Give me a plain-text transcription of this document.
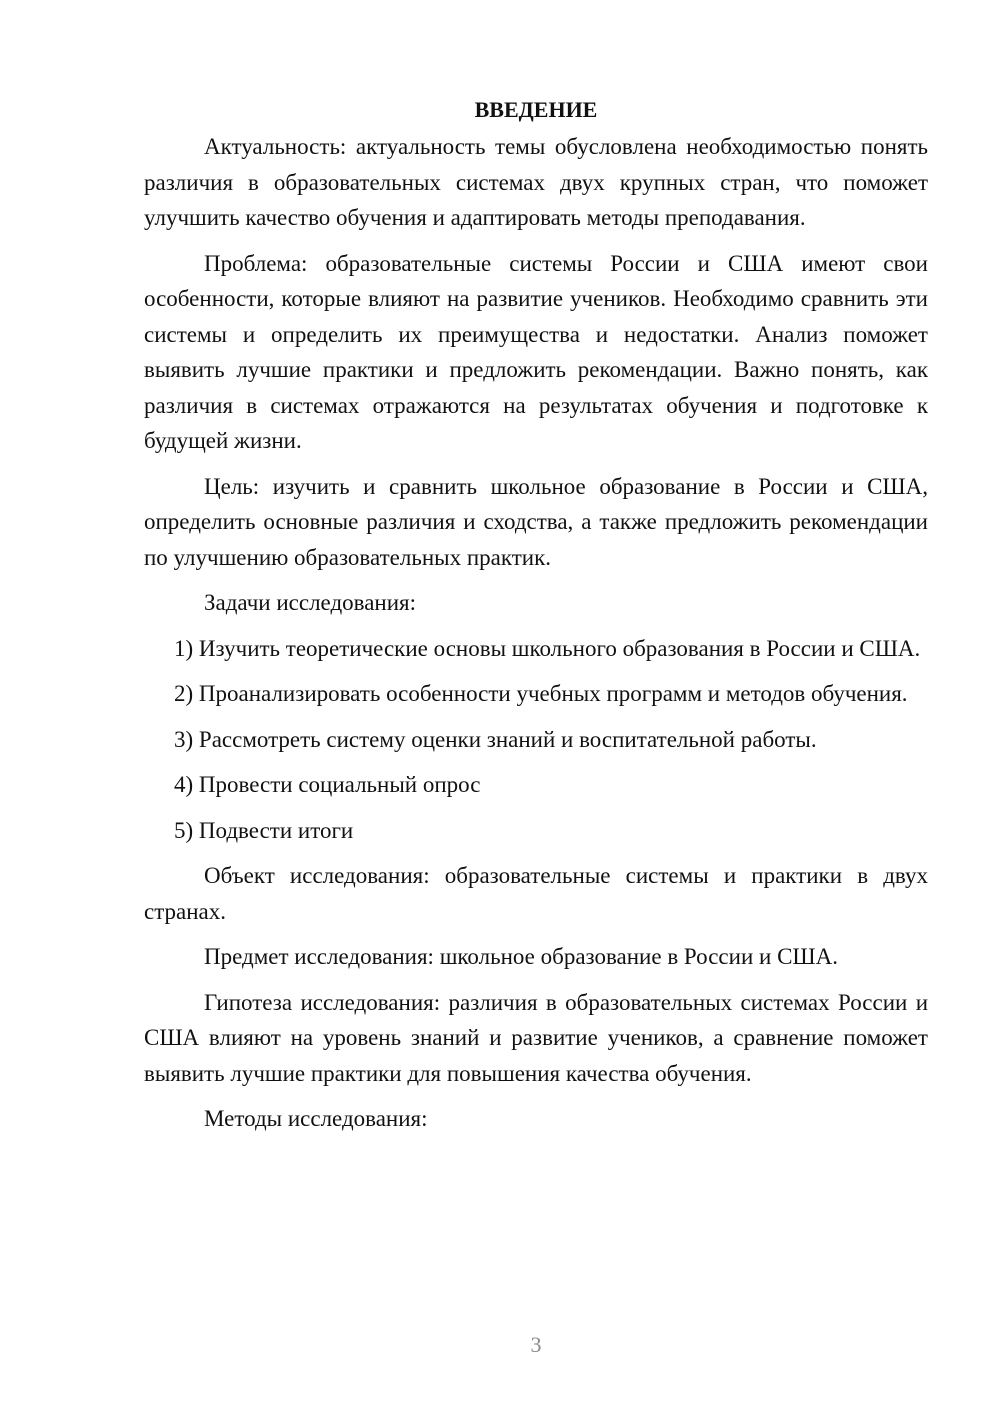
ВВЕДЕНИЕ

Актуальность: актуальность темы обусловлена необходимостью понять различия в образовательных системах двух крупных стран, что поможет улучшить качество обучения и адаптировать методы преподавания.

Проблема: образовательные системы России и США имеют свои особенности, которые влияют на развитие учеников. Необходимо сравнить эти системы и определить их преимущества и недостатки. Анализ поможет выявить лучшие практики и предложить рекомендации. Важно понять, как различия в системах отражаются на результатах обучения и подготовке к будущей жизни.

Цель: изучить и сравнить школьное образование в России и США, определить основные различия и сходства, а также предложить рекомендации по улучшению образовательных практик.

Задачи исследования:

1) Изучить теоретические основы школьного образования в России и США.

2) Проанализировать особенности учебных программ и методов обучения.

3) Рассмотреть систему оценки знаний и воспитательной работы.

4) Провести социальный опрос

5) Подвести итоги

Объект исследования: образовательные системы и практики в двух странах.

Предмет исследования: школьное образование в России и США.

Гипотеза исследования: различия в образовательных системах России и США влияют на уровень знаний и развитие учеников, а сравнение поможет выявить лучшие практики для повышения качества обучения.

Методы исследования:

3
